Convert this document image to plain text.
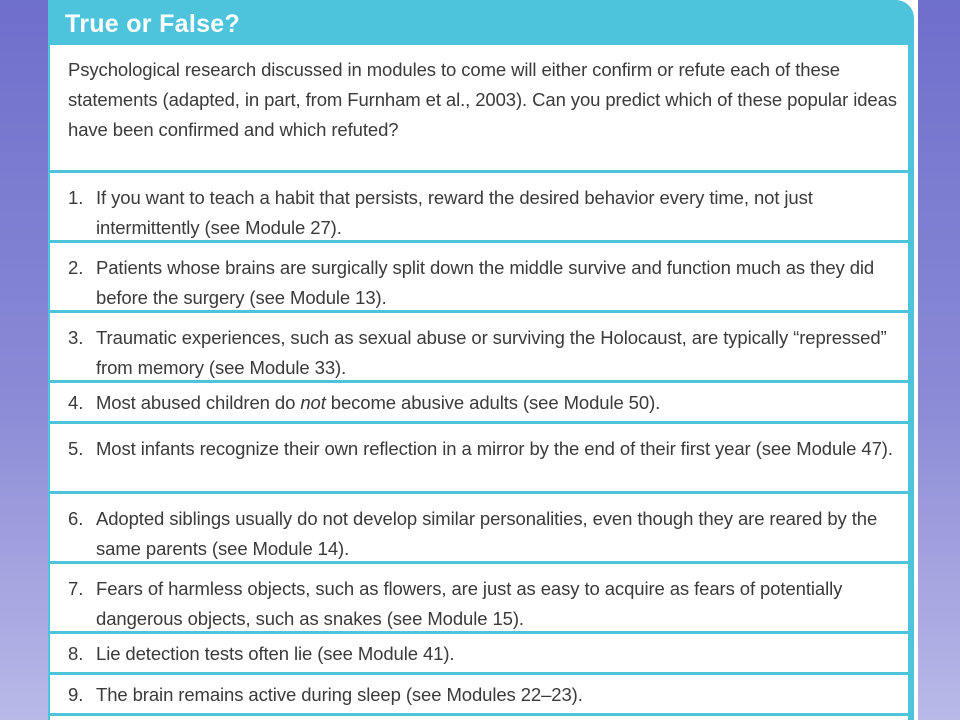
True or False?
Psychological research discussed in modules to come will either confirm or refute each of these statements (adapted, in part, from Furnham et al., 2003). Can you predict which of these popular ideas have been confirmed and which refuted?
1. If you want to teach a habit that persists, reward the desired behavior every time, not just intermittently (see Module 27).
2. Patients whose brains are surgically split down the middle survive and function much as they did before the surgery (see Module 13).
3. Traumatic experiences, such as sexual abuse or surviving the Holocaust, are typically “repressed” from memory (see Module 33).
4. Most abused children do not become abusive adults (see Module 50).
5. Most infants recognize their own reflection in a mirror by the end of their first year (see Module 47).
6. Adopted siblings usually do not develop similar personalities, even though they are reared by the same parents (see Module 14).
7. Fears of harmless objects, such as flowers, are just as easy to acquire as fears of potentially dangerous objects, such as snakes (see Module 15).
8. Lie detection tests often lie (see Module 41).
9. The brain remains active during sleep (see Modules 22–23).
